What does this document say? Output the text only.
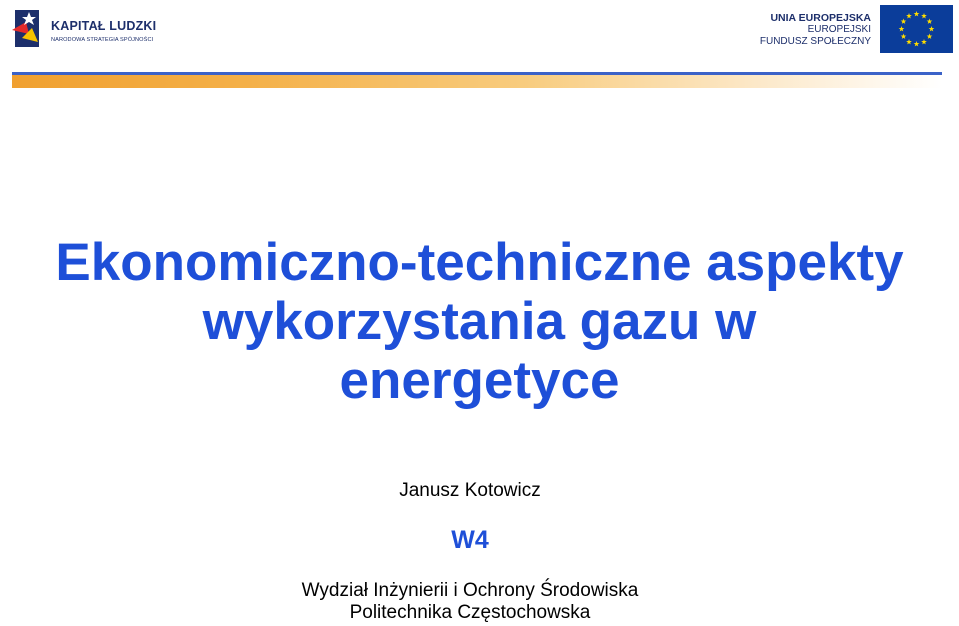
KAPITAŁ LUDZKI
NARODOWA STRATEGIA SPÓJNOŚCI
UNIA EUROPEJSKA
EUROPEJSKI
FUNDUSZ SPOŁECZNY
Ekonomiczno-techniczne aspekty
wykorzystania gazu w
energetyce
Janusz Kotowicz
W4
Wydział Inżynierii i Ochrony Środowiska
Politechnika Częstochowska
